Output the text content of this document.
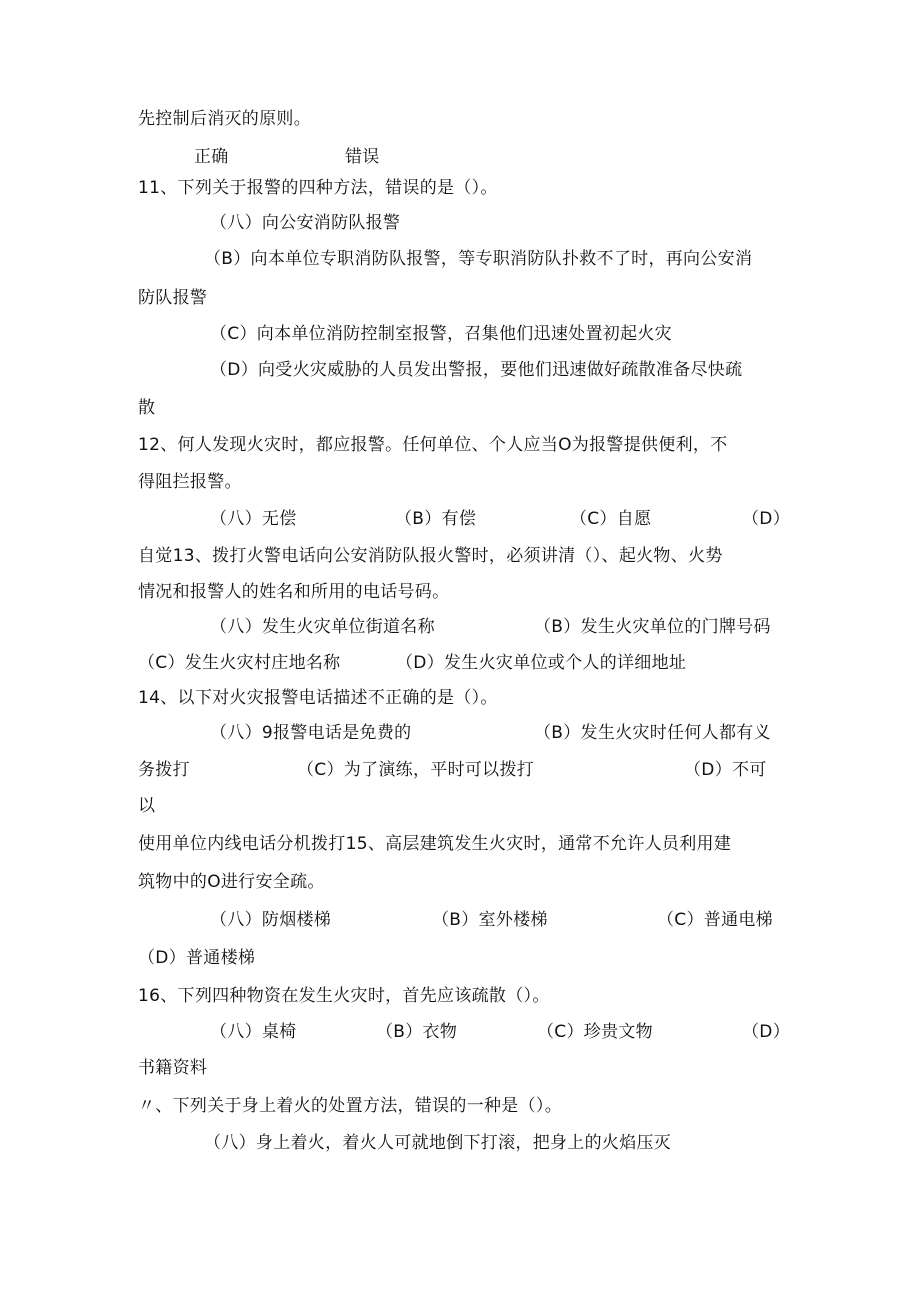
先控制后消灭的原则。
正确	错误
11、下列关于报警的四种方法，错误的是（）。
（八）向公安消防队报警
（B）向本单位专职消防队报警，等专职消防队扑救不了时，再向公安消
防队报警
（C）向本单位消防控制室报警，召集他们迅速处置初起火灾
（D）向受火灾威胁的人员发出警报，要他们迅速做好疏散准备尽快疏
散
12、何人发现火灾时，都应报警。任何单位、个人应当O为报警提供便利，不
得阻拦报警。
（八）无偿	（B）有偿	（C）自愿	（D）
自觉13、拨打火警电话向公安消防队报火警时，必须讲清（）、起火物、火势
情况和报警人的姓名和所用的电话号码。
（八）发生火灾单位街道名称	（B）发生火灾单位的门牌号码
（C）发生火灾村庄地名称	（D）发生火灾单位或个人的详细地址
14、以下对火灾报警电话描述不正确的是（）。
（八）9报警电话是免费的	（B）发生火灾时任何人都有义
务拨打	（C）为了演练，平时可以拨打	（D）不可
以
使用单位内线电话分机拨打15、高层建筑发生火灾时，通常不允许人员利用建
筑物中的O进行安全疏。
（八）防烟楼梯	（B）室外楼梯	（C）普通电梯
（D）普通楼梯
16、下列四种物资在发生火灾时，首先应该疏散（）。
（八）桌椅	（B）衣物	（C）珍贵文物	（D）
书籍资料
〃、下列关于身上着火的处置方法，错误的一种是（）。
（八）身上着火，着火人可就地倒下打滚，把身上的火焰压灭
